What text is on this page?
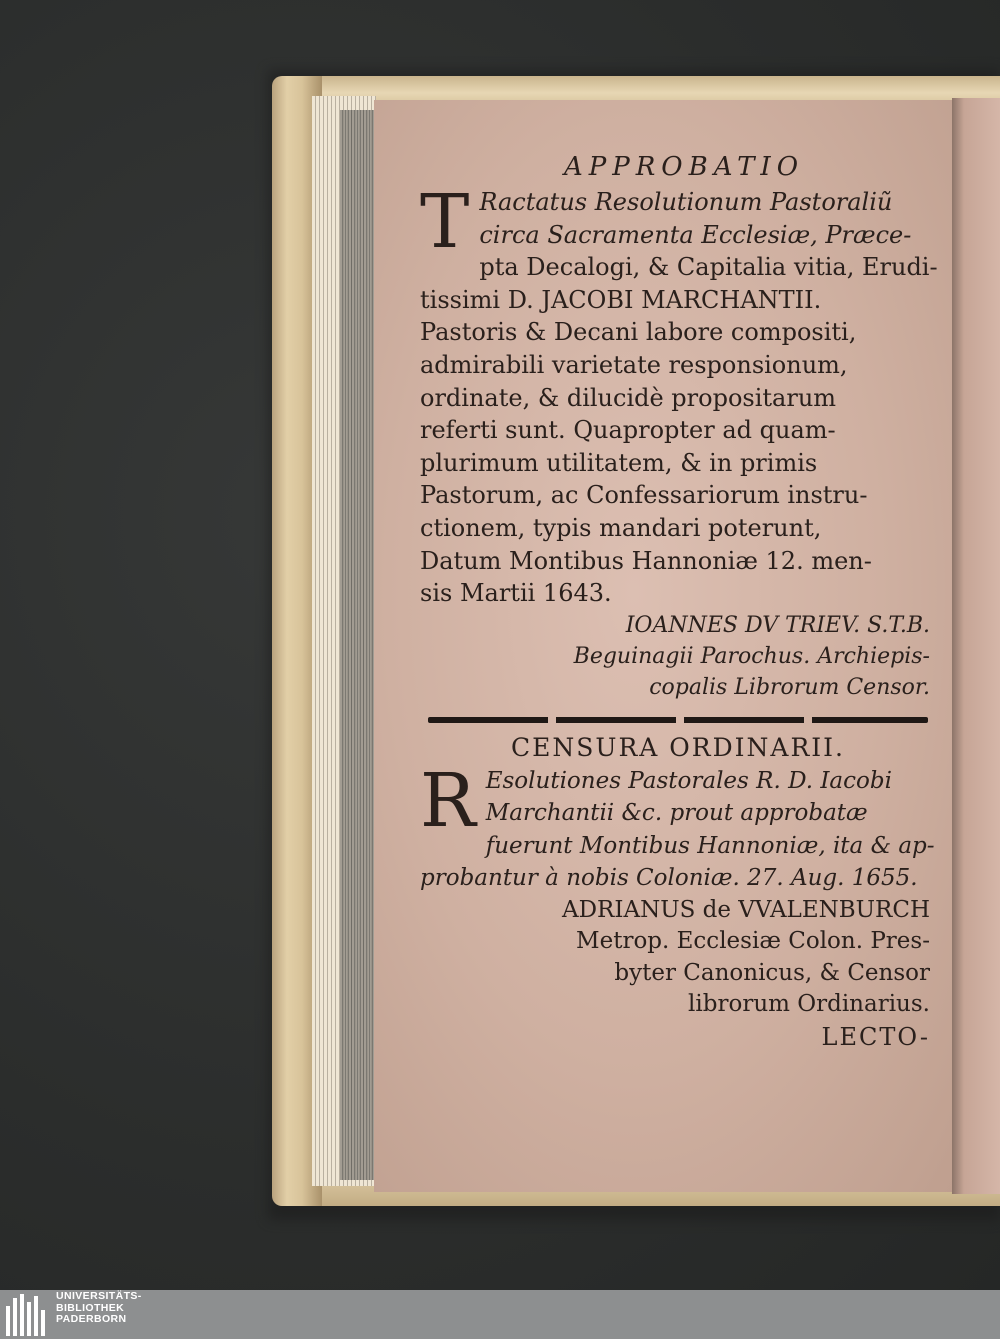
APPROBATIO
T Ractatus Resolutionum Pastoraliũ
circa Sacramenta Ecclesiæ, Præce-
pta Decalogi, & Capitalia vitia, Erudi-
tissimi D. JACOBI MARCHANTII.
Pastoris & Decani labore compositi,
admirabili varietate responsionum,
ordinate, & dilucidè propositarum
referti sunt. Quapropter ad quam-
plurimum utilitatem, & in primis
Pastorum, ac Confessariorum instru-
ctionem, typis mandari poterunt,
Datum Montibus Hannoniæ 12. men-
sis Martii 1643.
IOANNES DV TRIEV. S.T.B.
Beguinagii Parochus. Archiepis-
copalis Librorum Censor.
CENSURA ORDINARII.
R Esolutiones Pastorales R. D. Iacobi
Marchantii &c. prout approbatæ
fuerunt Montibus Hannoniæ, ita & ap-
probantur à nobis Coloniæ. 27. Aug. 1655.
ADRIANUS de VVALENBURCH
Metrop. Ecclesiæ Colon. Pres-
byter Canonicus, & Censor
librorum Ordinarius.
LECTO-
UNIVERSITÄTS-
BIBLIOTHEK
PADERBORN
